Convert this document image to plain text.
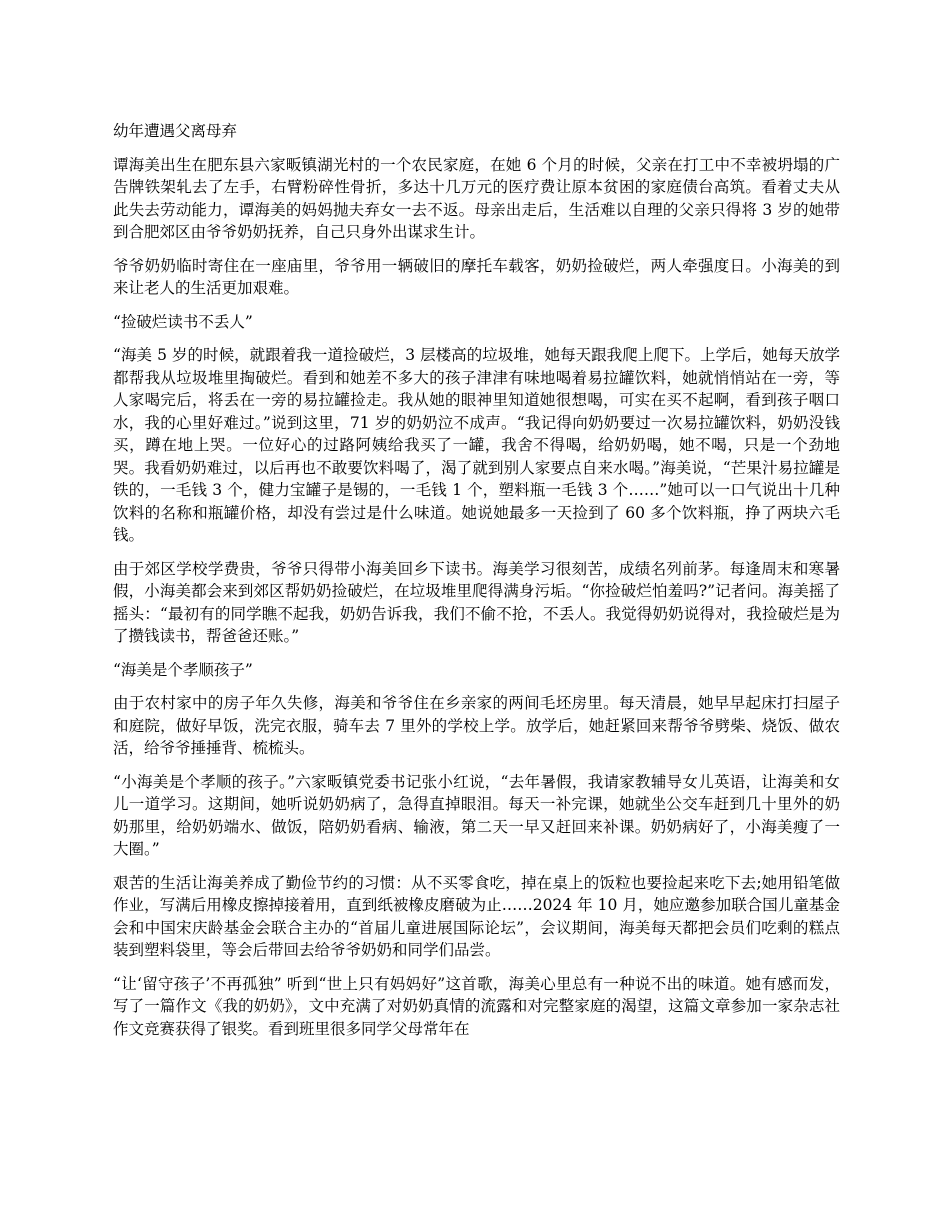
幼年遭遇父离母弃

谭海美出生在肥东县六家畈镇湖光村的一个农民家庭，在她 6 个月的时候，父亲在打工中不幸被坍塌的广告牌铁架轧去了左手，右臂粉碎性骨折，多达十几万元的医疗费让原本贫困的家庭债台高筑。看着丈夫从此失去劳动能力，谭海美的妈妈抛夫弃女一去不返。母亲出走后，生活难以自理的父亲只得将 3 岁的她带到合肥郊区由爷爷奶奶抚养，自己只身外出谋求生计。

爷爷奶奶临时寄住在一座庙里，爷爷用一辆破旧的摩托车载客，奶奶捡破烂，两人牵强度日。小海美的到来让老人的生活更加艰难。

“捡破烂读书不丢人”

“海美 5 岁的时候，就跟着我一道捡破烂，3 层楼高的垃圾堆，她每天跟我爬上爬下。上学后，她每天放学都帮我从垃圾堆里掏破烂。看到和她差不多大的孩子津津有味地喝着易拉罐饮料，她就悄悄站在一旁，等人家喝完后，将丢在一旁的易拉罐捡走。我从她的眼神里知道她很想喝，可实在买不起啊，看到孩子咽口水，我的心里好难过。”说到这里，71 岁的奶奶泣不成声。“我记得向奶奶要过一次易拉罐饮料，奶奶没钱买，蹲在地上哭。一位好心的过路阿姨给我买了一罐，我舍不得喝，给奶奶喝，她不喝，只是一个劲地哭。我看奶奶难过，以后再也不敢要饮料喝了，渴了就到别人家要点自来水喝。”海美说，“芒果汁易拉罐是铁的，一毛钱 3 个，健力宝罐子是锡的，一毛钱 1 个，塑料瓶一毛钱 3 个……”她可以一口气说出十几种饮料的名称和瓶罐价格，却没有尝过是什么味道。她说她最多一天捡到了 60 多个饮料瓶，挣了两块六毛钱。

由于郊区学校学费贵，爷爷只得带小海美回乡下读书。海美学习很刻苦，成绩名列前茅。每逢周末和寒暑假，小海美都会来到郊区帮奶奶捡破烂，在垃圾堆里爬得满身污垢。“你捡破烂怕羞吗?”记者问。海美摇了摇头：“最初有的同学瞧不起我，奶奶告诉我，我们不偷不抢，不丢人。我觉得奶奶说得对，我捡破烂是为了攒钱读书，帮爸爸还账。”

“海美是个孝顺孩子”

由于农村家中的房子年久失修，海美和爷爷住在乡亲家的两间毛坯房里。每天清晨，她早早起床打扫屋子和庭院，做好早饭，洗完衣服，骑车去 7 里外的学校上学。放学后，她赶紧回来帮爷爷劈柴、烧饭、做农活，给爷爷捶捶背、梳梳头。

“小海美是个孝顺的孩子。”六家畈镇党委书记张小红说，“去年暑假，我请家教辅导女儿英语，让海美和女儿一道学习。这期间，她听说奶奶病了，急得直掉眼泪。每天一补完课，她就坐公交车赶到几十里外的奶奶那里，给奶奶端水、做饭，陪奶奶看病、输液，第二天一早又赶回来补课。奶奶病好了，小海美瘦了一大圈。”

艰苦的生活让海美养成了勤俭节约的习惯：从不买零食吃，掉在桌上的饭粒也要捡起来吃下去;她用铅笔做作业，写满后用橡皮擦掉接着用，直到纸被橡皮磨破为止……2024 年 10 月，她应邀参加联合国儿童基金会和中国宋庆龄基金会联合主办的“首届儿童进展国际论坛”，会议期间，海美每天都把会员们吃剩的糕点装到塑料袋里，等会后带回去给爷爷奶奶和同学们品尝。

“让‘留守孩子’不再孤独” 听到“世上只有妈妈好”这首歌，海美心里总有一种说不出的味道。她有感而发，写了一篇作文《我的奶奶》，文中充满了对奶奶真情的流露和对完整家庭的渴望，这篇文章参加一家杂志社作文竞赛获得了银奖。看到班里很多同学父母常年在
